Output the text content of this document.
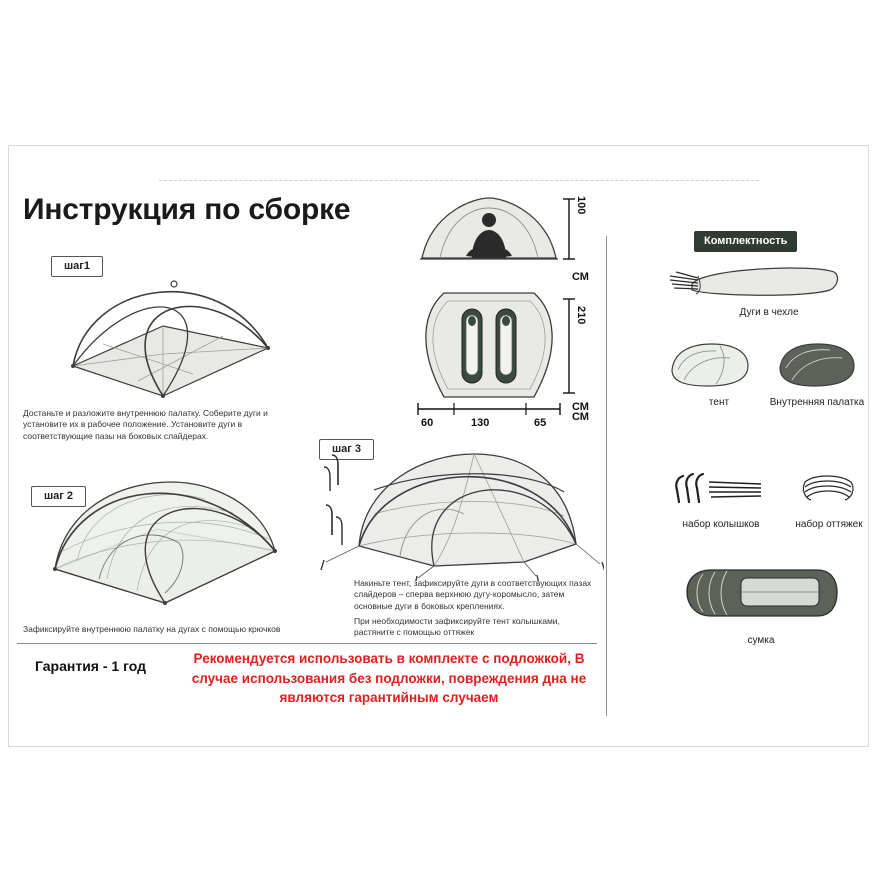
Инструкция по сборке
шаг1
Достаньте и разложите внутреннюю палатку. Соберите дуги и установите их в рабочее положение. Установите дуги в соответствующие пазы на боковых слайдерах.
шаг 2
Зафиксируйте внутреннюю палатку на дугах с помощью крючков
100
СМ
210
СМ
60	130	65 СМ
шаг 3
Накиньте тент, зафиксируйте дуги в соответствующих пазах слайдеров – сперва верхнюю дугу-коромысло, затем основные дуги в боковых креплениях.
При необходимости зафиксируйте тент колышками, растяните с помощью оттяжек
Комплектность
Дуги в чехле
тент	Внутренняя палатка
набор колышков	набор оттяжек
сумка
Гарантия - 1 год	Рекомендуется использовать в комплекте с подложкой, В случае использования без подложки, повреждения дна не являются гарантийным случаем
